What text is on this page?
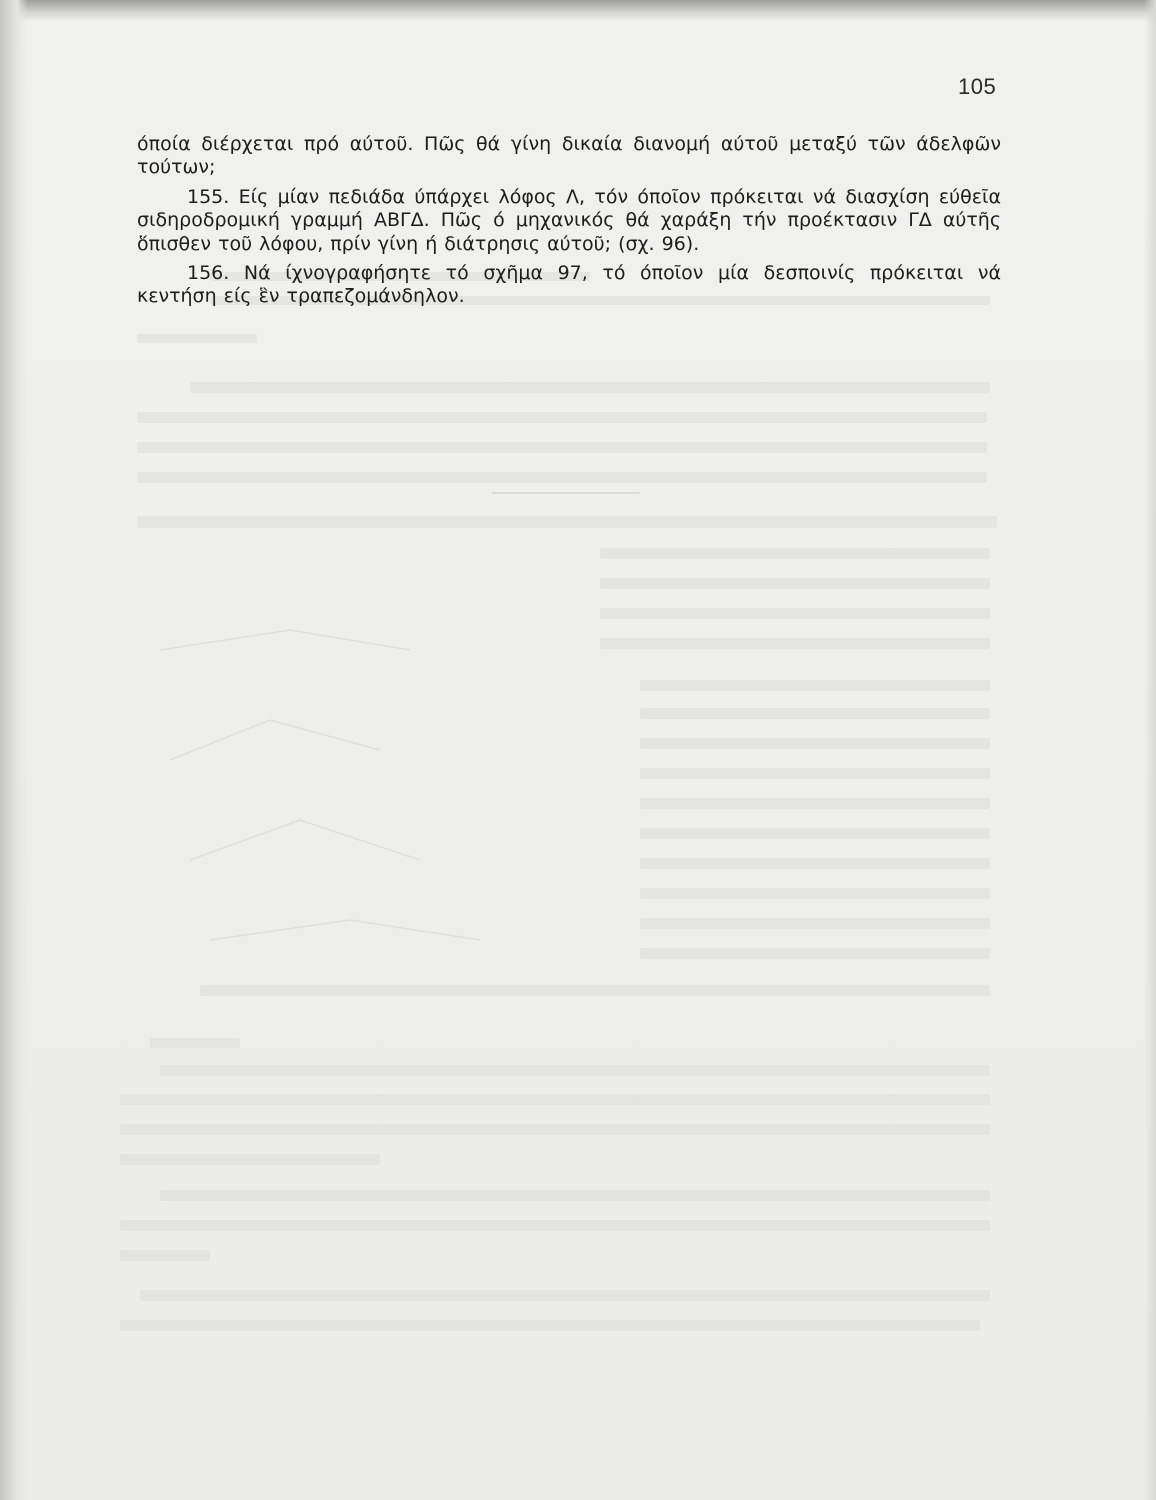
105

όποία διέρχεται πρό αύτοῦ. Πῶς θά γίνη δικαία διανομή αύτοῦ μεταξύ τῶν άδελφῶν τούτων;

155. Είς μίαν πεδιάδα ύπάρχει λόφος Λ, τόν όποῖον πρόκειται νά διασχίση εύθεῖα σιδηροδρομική γραμμή ΑΒΓΔ. Πῶς ό μηχανικός θά χαράξη τήν προέκτασιν ΓΔ αύτῆς ὅπισθεν τοῦ λόφου, πρίν γίνη ή διάτρησις αύτοῦ; (σχ. 96).

156. Νά ίχνογραφήσητε τό σχῆμα 97, τό όποῖον μία δεσποινίς πρόκειται νά κεντήση είς ἓν τραπεζομάνδηλον.
